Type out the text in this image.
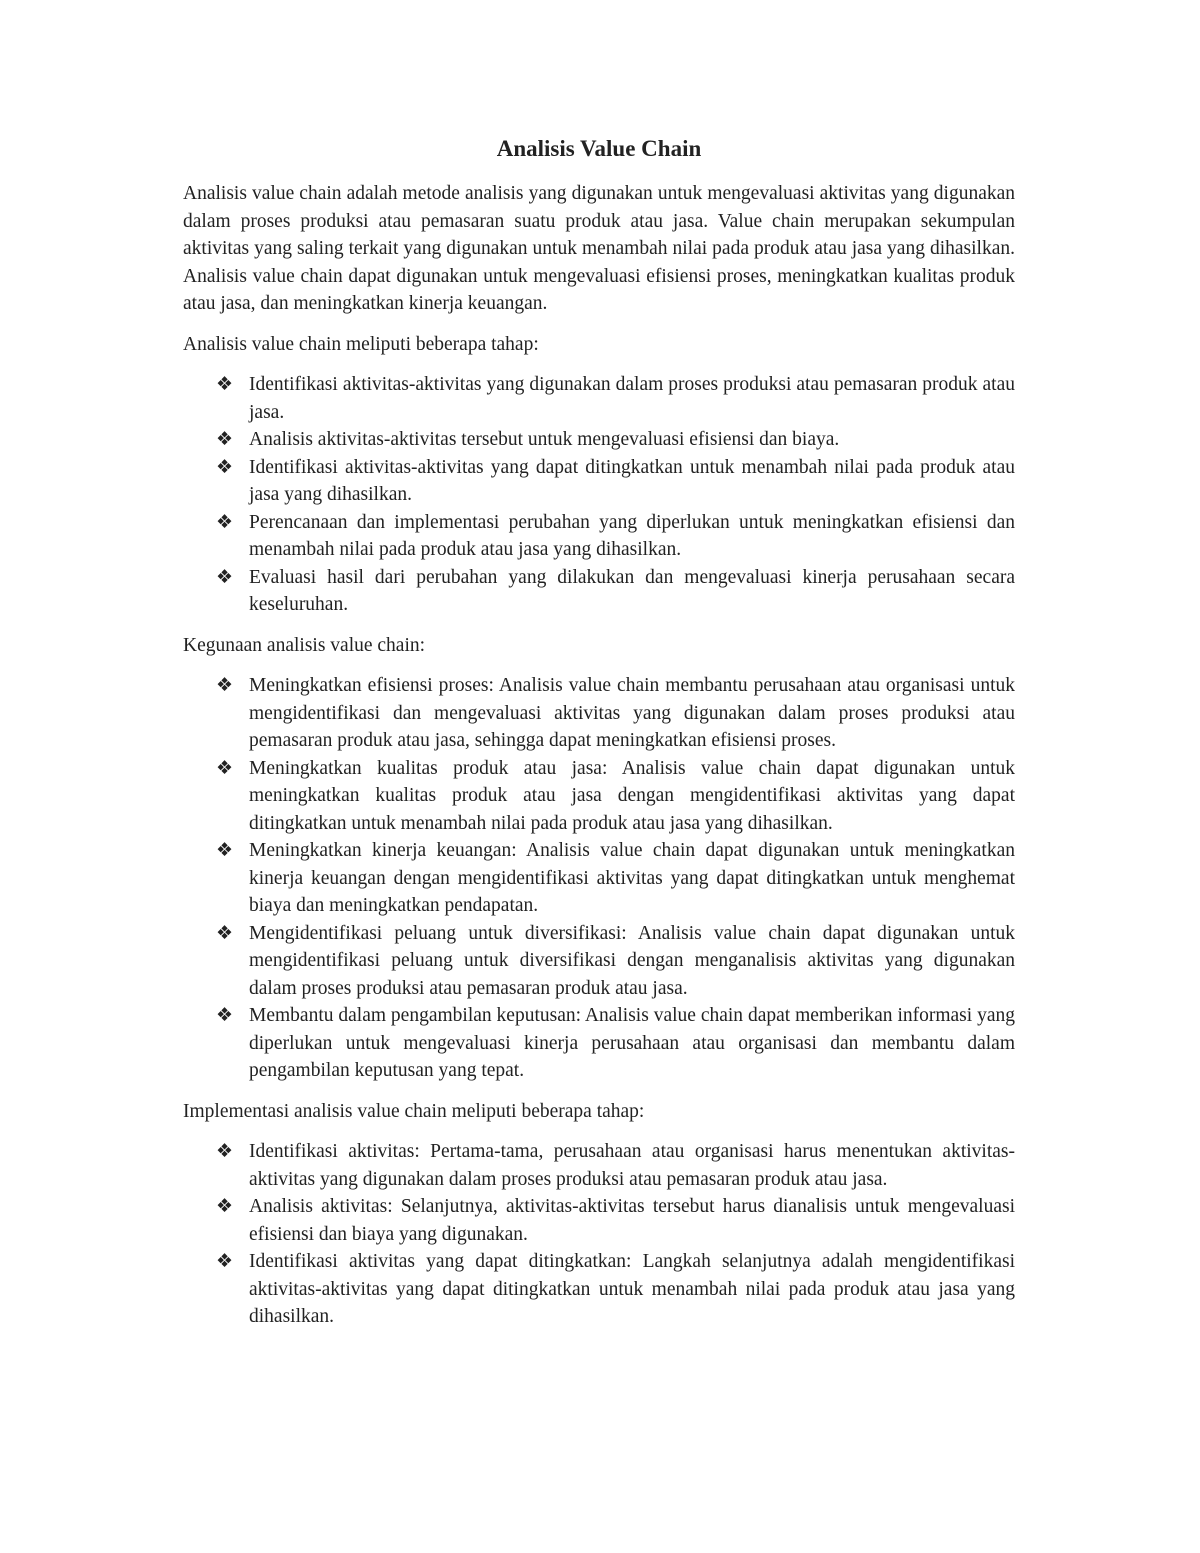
Analisis Value Chain

Analisis value chain adalah metode analisis yang digunakan untuk mengevaluasi aktivitas yang digunakan dalam proses produksi atau pemasaran suatu produk atau jasa. Value chain merupakan sekumpulan aktivitas yang saling terkait yang digunakan untuk menambah nilai pada produk atau jasa yang dihasilkan. Analisis value chain dapat digunakan untuk mengevaluasi efisiensi proses, meningkatkan kualitas produk atau jasa, dan meningkatkan kinerja keuangan.

Analisis value chain meliputi beberapa tahap:

❖ Identifikasi aktivitas-aktivitas yang digunakan dalam proses produksi atau pemasaran produk atau jasa.
❖ Analisis aktivitas-aktivitas tersebut untuk mengevaluasi efisiensi dan biaya.
❖ Identifikasi aktivitas-aktivitas yang dapat ditingkatkan untuk menambah nilai pada produk atau jasa yang dihasilkan.
❖ Perencanaan dan implementasi perubahan yang diperlukan untuk meningkatkan efisiensi dan menambah nilai pada produk atau jasa yang dihasilkan.
❖ Evaluasi hasil dari perubahan yang dilakukan dan mengevaluasi kinerja perusahaan secara keseluruhan.

Kegunaan analisis value chain:

❖ Meningkatkan efisiensi proses: Analisis value chain membantu perusahaan atau organisasi untuk mengidentifikasi dan mengevaluasi aktivitas yang digunakan dalam proses produksi atau pemasaran produk atau jasa, sehingga dapat meningkatkan efisiensi proses.
❖ Meningkatkan kualitas produk atau jasa: Analisis value chain dapat digunakan untuk meningkatkan kualitas produk atau jasa dengan mengidentifikasi aktivitas yang dapat ditingkatkan untuk menambah nilai pada produk atau jasa yang dihasilkan.
❖ Meningkatkan kinerja keuangan: Analisis value chain dapat digunakan untuk meningkatkan kinerja keuangan dengan mengidentifikasi aktivitas yang dapat ditingkatkan untuk menghemat biaya dan meningkatkan pendapatan.
❖ Mengidentifikasi peluang untuk diversifikasi: Analisis value chain dapat digunakan untuk mengidentifikasi peluang untuk diversifikasi dengan menganalisis aktivitas yang digunakan dalam proses produksi atau pemasaran produk atau jasa.
❖ Membantu dalam pengambilan keputusan: Analisis value chain dapat memberikan informasi yang diperlukan untuk mengevaluasi kinerja perusahaan atau organisasi dan membantu dalam pengambilan keputusan yang tepat.

Implementasi analisis value chain meliputi beberapa tahap:

❖ Identifikasi aktivitas: Pertama-tama, perusahaan atau organisasi harus menentukan aktivitas-aktivitas yang digunakan dalam proses produksi atau pemasaran produk atau jasa.
❖ Analisis aktivitas: Selanjutnya, aktivitas-aktivitas tersebut harus dianalisis untuk mengevaluasi efisiensi dan biaya yang digunakan.
❖ Identifikasi aktivitas yang dapat ditingkatkan: Langkah selanjutnya adalah mengidentifikasi aktivitas-aktivitas yang dapat ditingkatkan untuk menambah nilai pada produk atau jasa yang dihasilkan.
